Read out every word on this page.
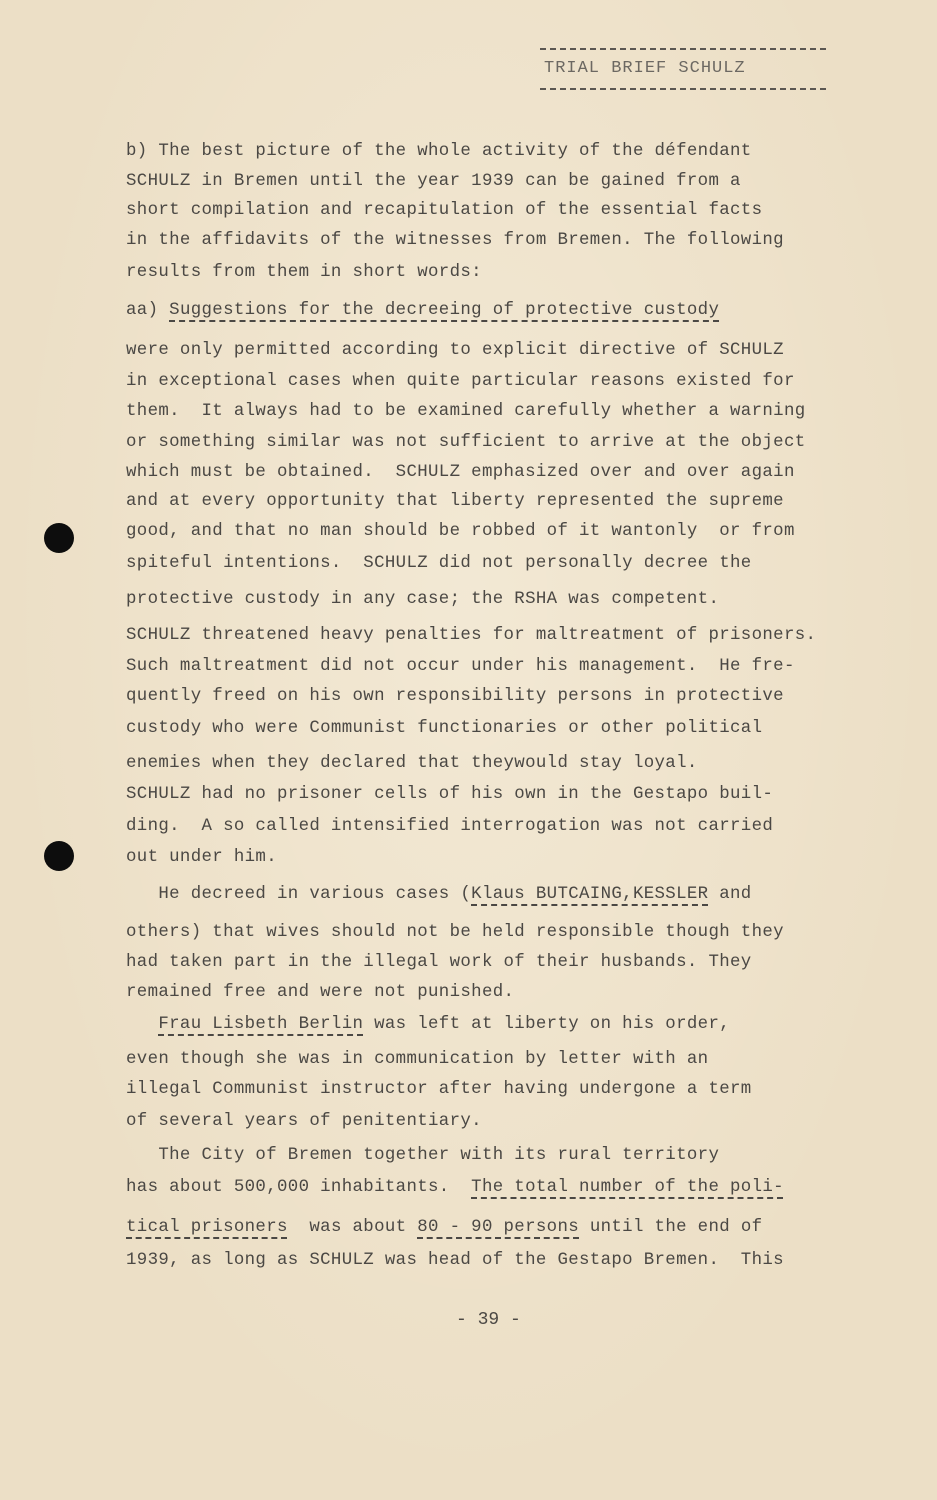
TRIAL BRIEF SCHULZ
b) The best picture of the whole activity of the défendant
SCHULZ in Bremen until the year 1939 can be gained from a
short compilation and recapitulation of the essential facts
in the affidavits of the witnesses from Bremen. The following
results from them in short words:
aa) Suggestions for the decreeing of protective custody
were only permitted according to explicit directive of SCHULZ
in exceptional cases when quite particular reasons existed for
them.  It always had to be examined carefully whether a warning
or something similar was not sufficient to arrive at the object
which must be obtained.  SCHULZ emphasized over and over again
and at every opportunity that liberty represented the supreme
good, and that no man should be robbed of it wantonly  or from
spiteful intentions.  SCHULZ did not personally decree the
protective custody in any case; the RSHA was competent.
SCHULZ threatened heavy penalties for maltreatment of prisoners.
Such maltreatment did not occur under his management.  He fre-
quently freed on his own responsibility persons in protective
custody who were Communist functionaries or other political
enemies when they declared that theywould stay loyal.
SCHULZ had no prisoner cells of his own in the Gestapo buil-
ding.  A so called intensified interrogation was not carried
out under him.
He decreed in various cases (Klaus BUTCAING,KESSLER and
others) that wives should not be held responsible though they
had taken part in the illegal work of their husbands. They
remained free and were not punished.
Frau Lisbeth Berlin was left at liberty on his order,
even though she was in communication by letter with an
illegal Communist instructor after having undergone a term
of several years of penitentiary.
The City of Bremen together with its rural territory
has about 500,000 inhabitants.  The total number of the poli-
tical prisoners  was about 80 - 90 persons until the end of
1939, as long as SCHULZ was head of the Gestapo Bremen.  This
- 39 -
